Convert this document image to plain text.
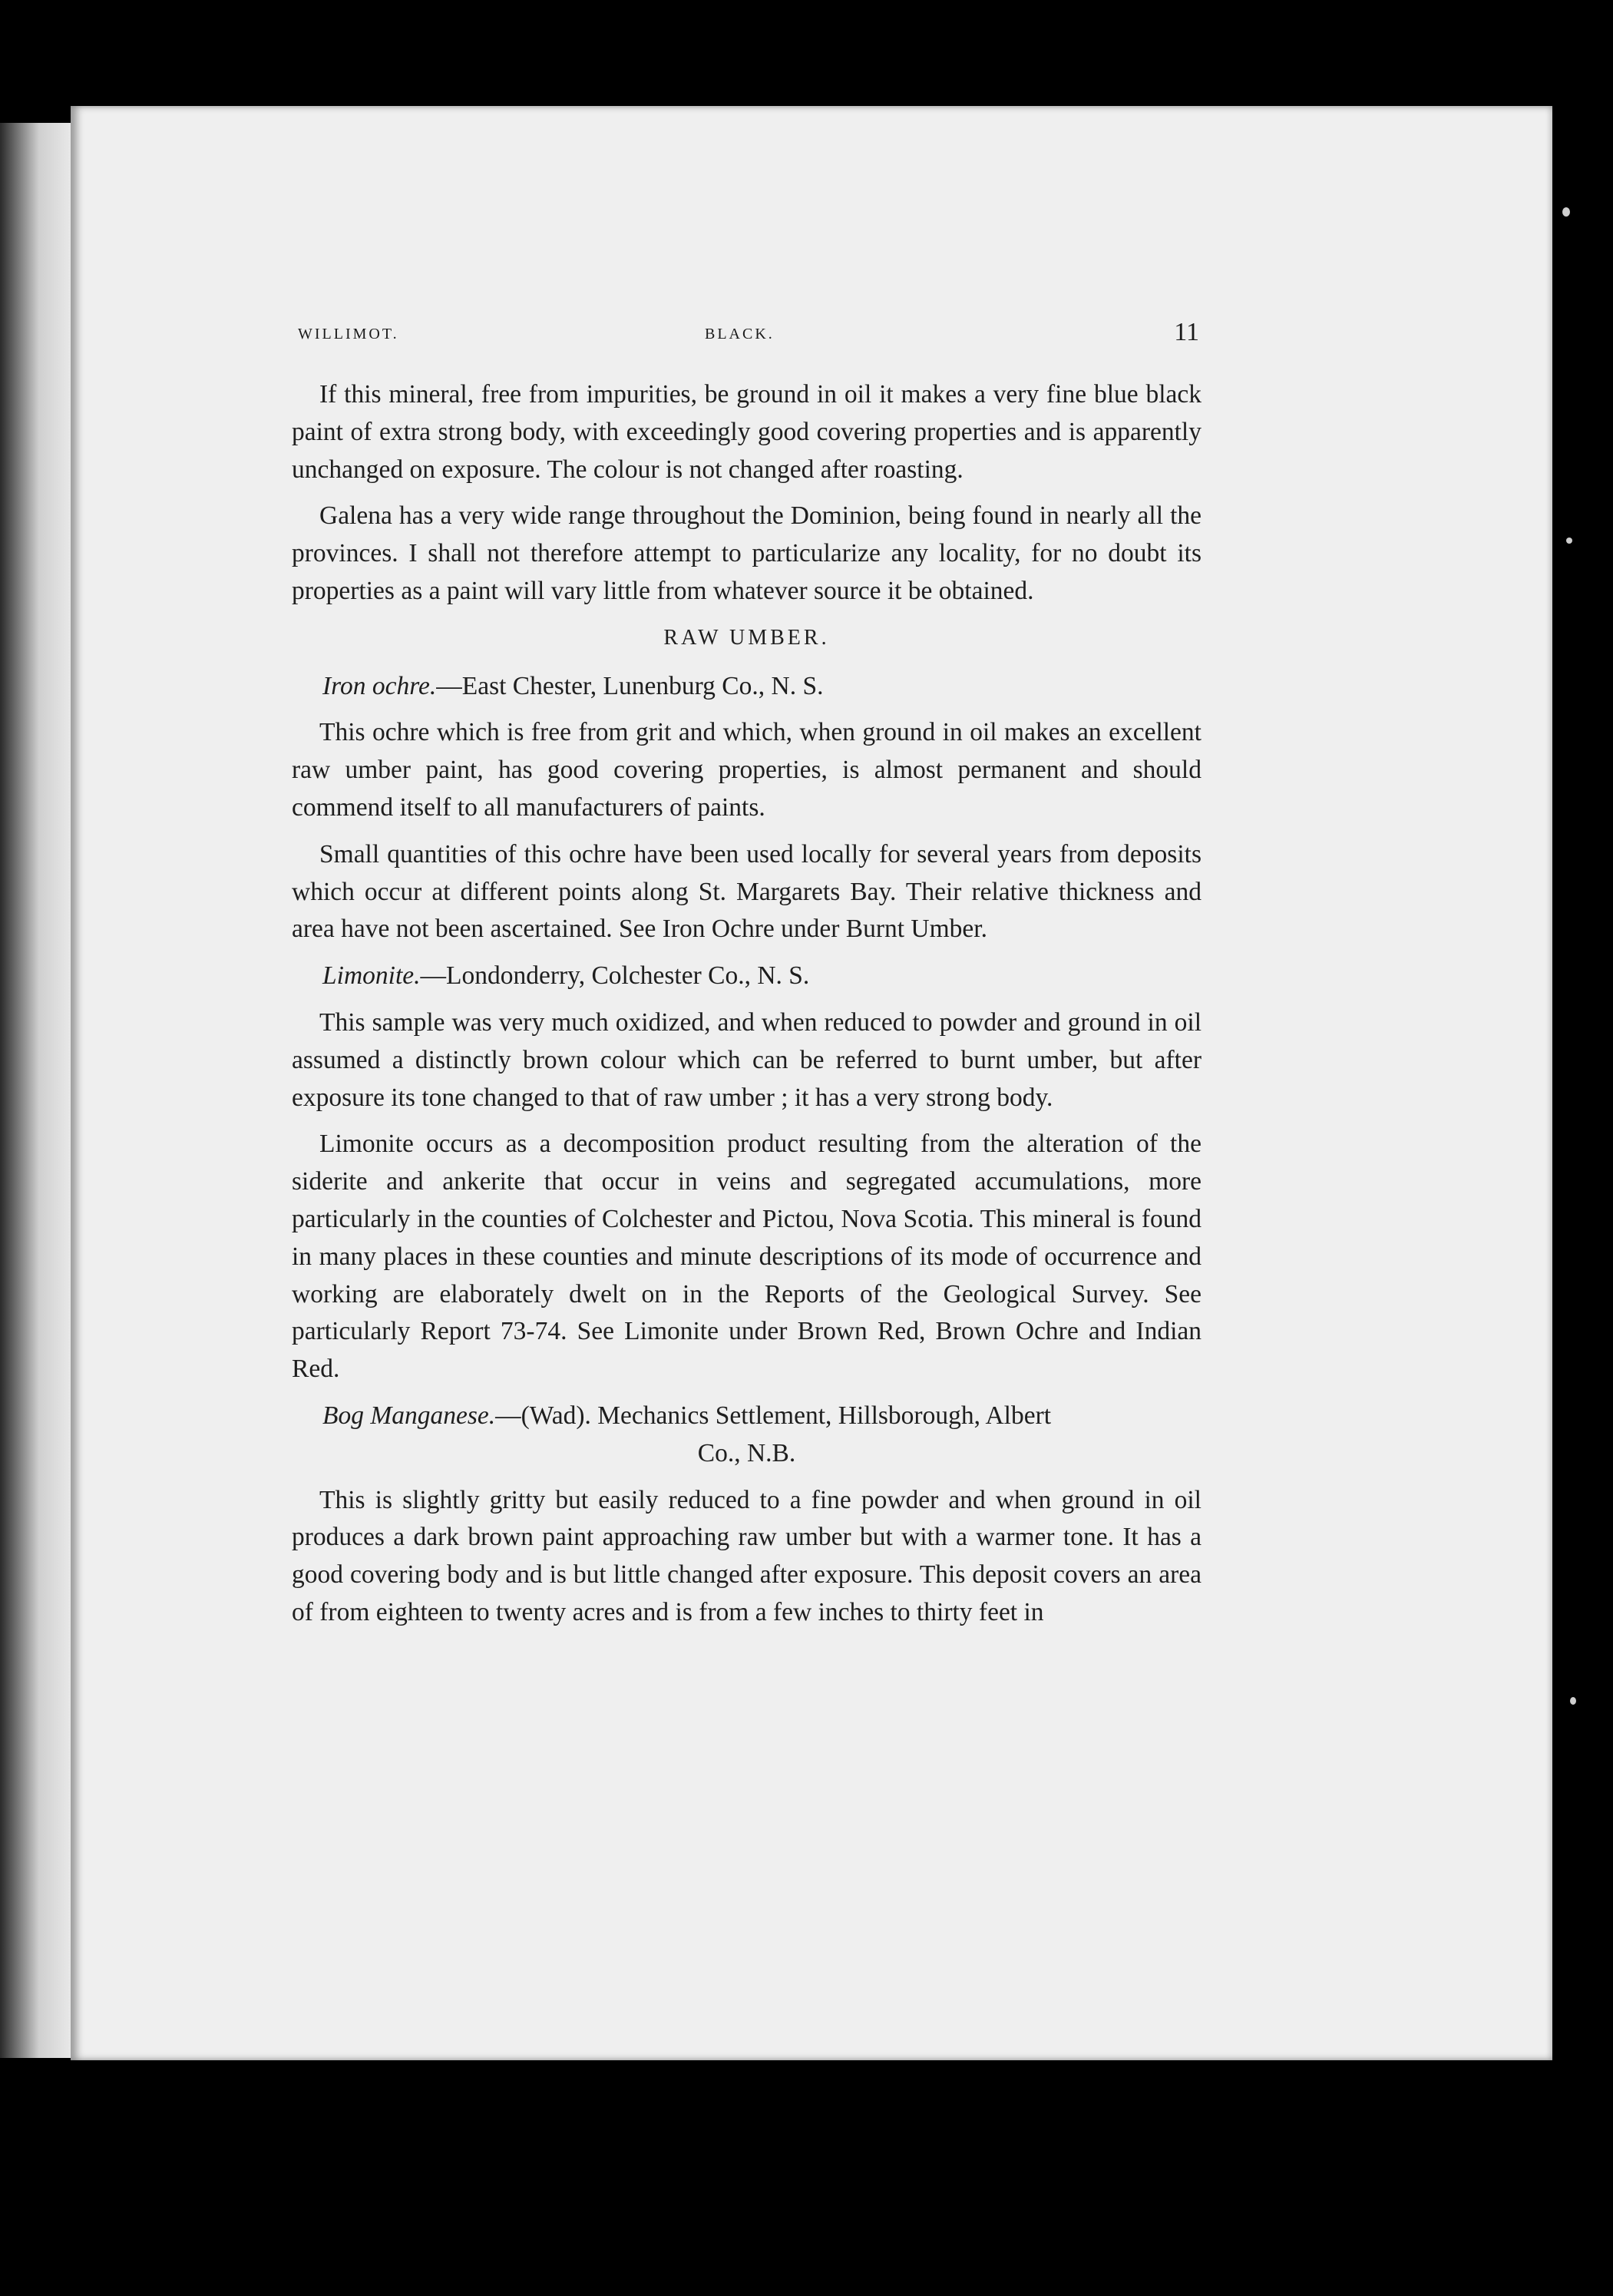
WILLIMOT.	BLACK.	11

If this mineral, free from impurities, be ground in oil it makes a very fine blue black paint of extra strong body, with exceedingly good covering properties and is apparently unchanged on exposure. The colour is not changed after roasting.

Galena has a very wide range throughout the Dominion, being found in nearly all the provinces. I shall not therefore attempt to particularize any locality, for no doubt its properties as a paint will vary little from whatever source it be obtained.

RAW UMBER.

Iron ochre.—East Chester, Lunenburg Co., N. S.

This ochre which is free from grit and which, when ground in oil makes an excellent raw umber paint, has good covering properties, is almost permanent and should commend itself to all manufacturers of paints.

Small quantities of this ochre have been used locally for several years from deposits which occur at different points along St. Margarets Bay. Their relative thickness and area have not been ascertained. See Iron Ochre under Burnt Umber.

Limonite.—Londonderry, Colchester Co., N. S.

This sample was very much oxidized, and when reduced to powder and ground in oil assumed a distinctly brown colour which can be referred to burnt umber, but after exposure its tone changed to that of raw umber ; it has a very strong body.

Limonite occurs as a decomposition product resulting from the alteration of the siderite and ankerite that occur in veins and segregated accumulations, more particularly in the counties of Colchester and Pictou, Nova Scotia. This mineral is found in many places in these counties and minute descriptions of its mode of occurrence and working are elaborately dwelt on in the Reports of the Geological Survey. See particularly Report 73-74. See Limonite under Brown Red, Brown Ochre and Indian Red.

Bog Manganese.—(Wad). Mechanics Settlement, Hillsborough, Albert

Co., N.B.

This is slightly gritty but easily reduced to a fine powder and when ground in oil produces a dark brown paint approaching raw umber but with a warmer tone. It has a good covering body and is but little changed after exposure. This deposit covers an area of from eighteen to twenty acres and is from a few inches to thirty feet in
